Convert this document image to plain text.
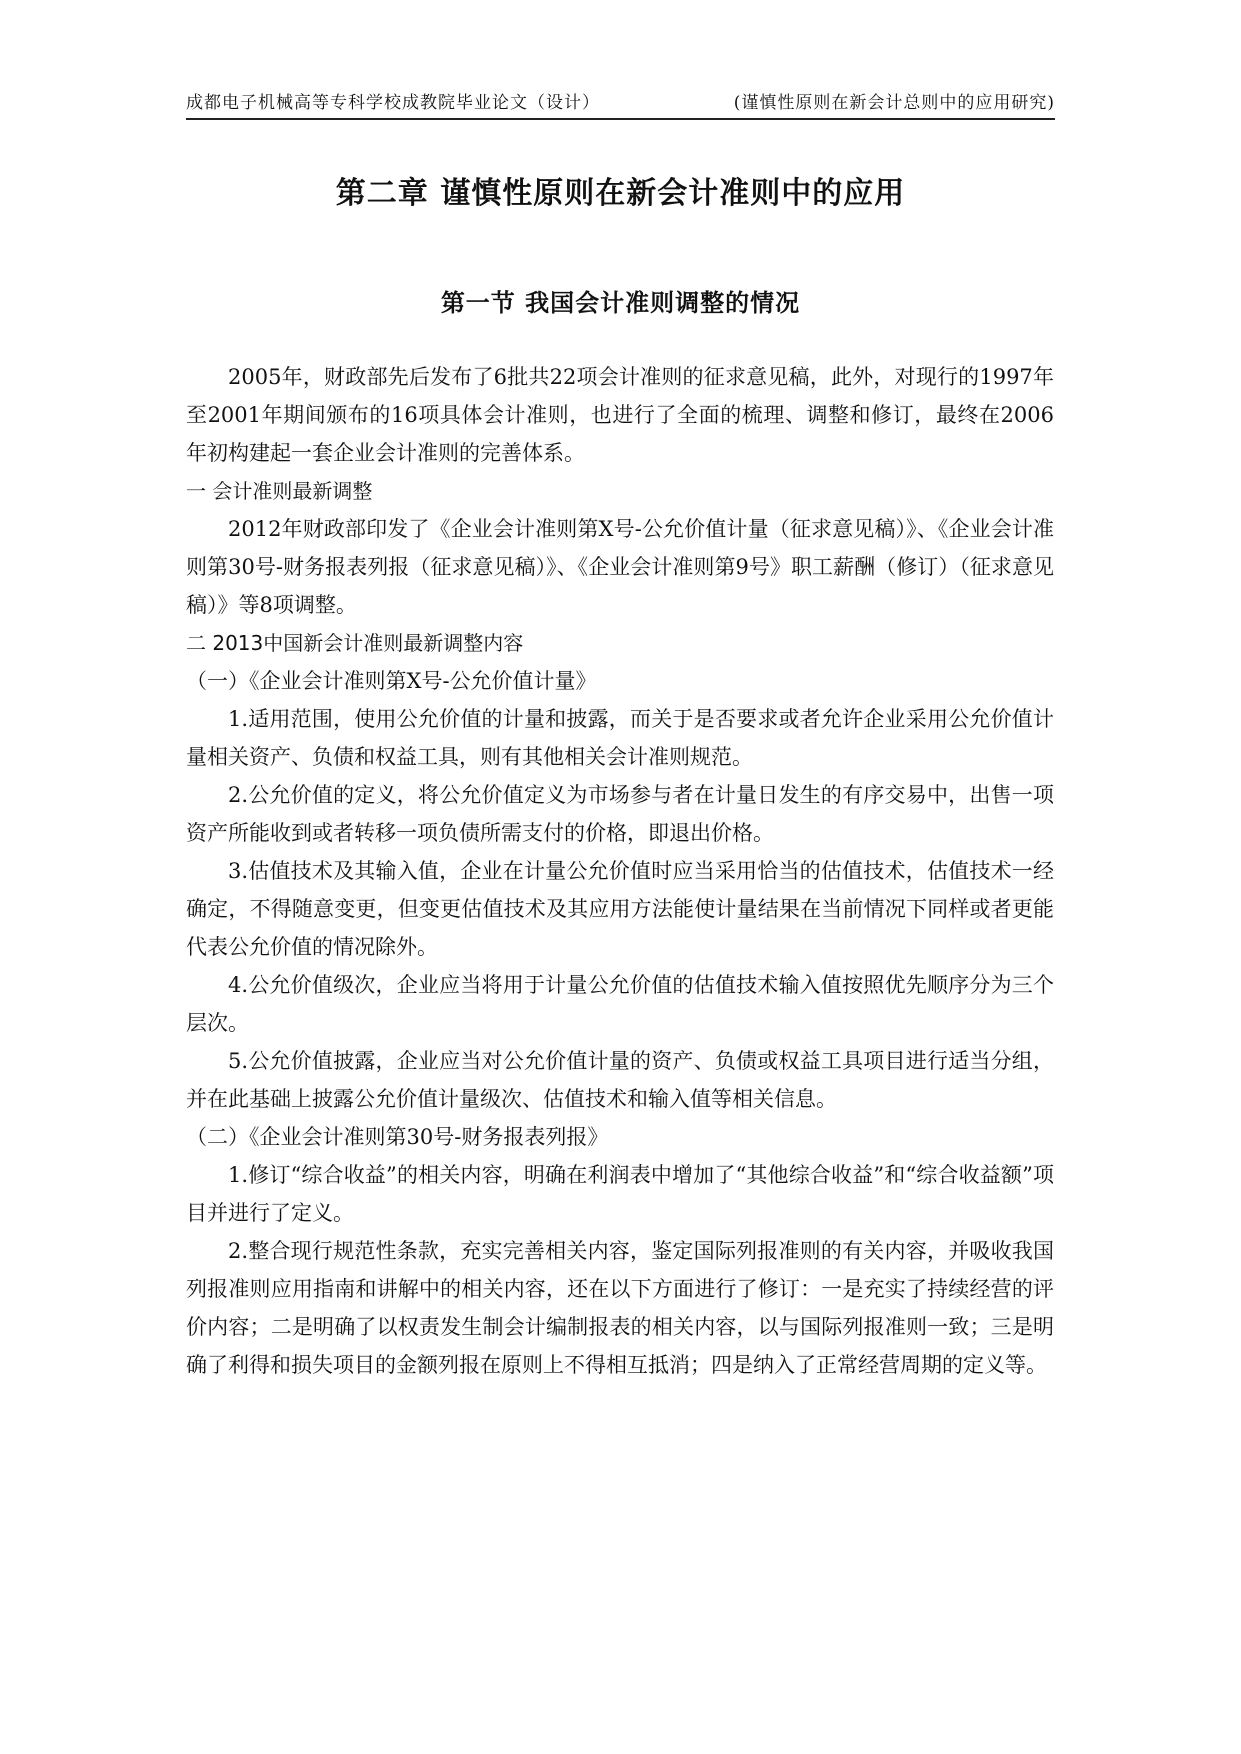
成都电子机械高等专科学校成教院毕业论文（设计）	(谨慎性原则在新会计总则中的应用研究)
第二章 谨慎性原则在新会计准则中的应用
第一节 我国会计准则调整的情况

2005年，财政部先后发布了6批共22项会计准则的征求意见稿，此外，对现行的1997年至2001年期间颁布的16项具体会计准则，也进行了全面的梳理、调整和修订，最终在2006年初构建起一套企业会计准则的完善体系。

一 会计准则最新调整

2012年财政部印发了《企业会计准则第X号-公允价值计量（征求意见稿）》、《企业会计准则第30号-财务报表列报（征求意见稿）》、《企业会计准则第9号》职工薪酬（修订）（征求意见稿）》等8项调整。

二 2013中国新会计准则最新调整内容

（一）《企业会计准则第X号-公允价值计量》

1.适用范围，使用公允价值的计量和披露，而关于是否要求或者允许企业采用公允价值计量相关资产、负债和权益工具，则有其他相关会计准则规范。

2.公允价值的定义，将公允价值定义为市场参与者在计量日发生的有序交易中，出售一项资产所能收到或者转移一项负债所需支付的价格，即退出价格。

3.估值技术及其输入值，企业在计量公允价值时应当采用恰当的估值技术，估值技术一经确定，不得随意变更，但变更估值技术及其应用方法能使计量结果在当前情况下同样或者更能代表公允价值的情况除外。

4.公允价值级次，企业应当将用于计量公允价值的估值技术输入值按照优先顺序分为三个层次。

5.公允价值披露，企业应当对公允价值计量的资产、负债或权益工具项目进行适当分组，并在此基础上披露公允价值计量级次、估值技术和输入值等相关信息。

（二）《企业会计准则第30号-财务报表列报》

1.修订“综合收益”的相关内容，明确在利润表中增加了“其他综合收益”和“综合收益额”项目并进行了定义。

2.整合现行规范性条款，充实完善相关内容，鉴定国际列报准则的有关内容，并吸收我国列报准则应用指南和讲解中的相关内容，还在以下方面进行了修订：一是充实了持续经营的评价内容；二是明确了以权责发生制会计编制报表的相关内容，以与国际列报准则一致；三是明确了利得和损失项目的金额列报在原则上不得相互抵消；四是纳入了正常经营周期的定义等。
